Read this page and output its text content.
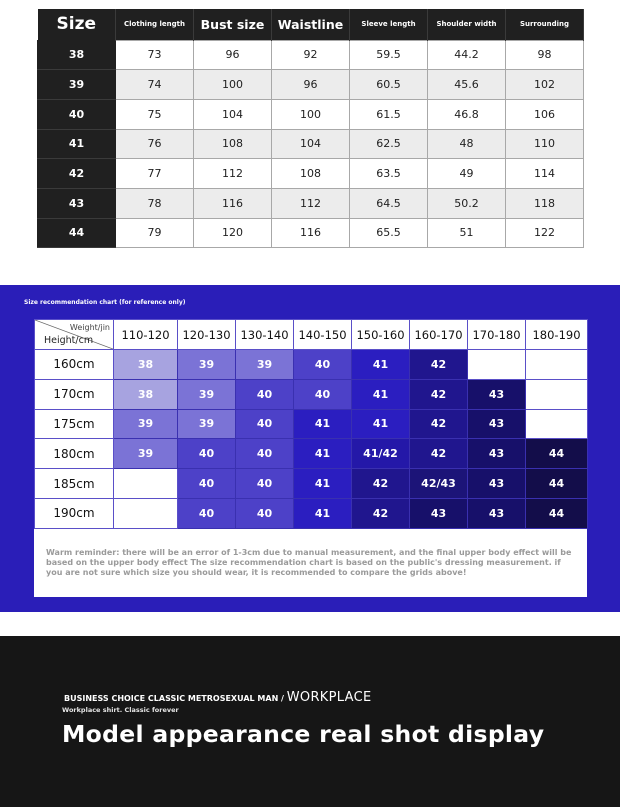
Size	Clothing length	Bust size	Waistline	Sleeve length	Shoulder width	Surrounding
38	73	96	92	59.5	44.2	98
39	74	100	96	60.5	45.6	102
40	75	104	100	61.5	46.8	106
41	76	108	104	62.5	48	110
42	77	112	108	63.5	49	114
43	78	116	112	64.5	50.2	118
44	79	120	116	65.5	51	122
Size recommendation chart (for reference only)
Weight/jin
Height/cm	110-120	120-130	130-140	140-150	150-160	160-170	170-180	180-190
160cm	38	39	39	40	41	42		
170cm	38	39	40	40	41	42	43	
175cm	39	39	40	41	41	42	43	
180cm	39	40	40	41	41/42	42	43	44
185cm		40	40	41	42	42/43	43	44
190cm		40	40	41	42	43	43	44

Warm reminder: there will be an error of 1-3cm due to manual measurement, and the final upper body effect will be based on the upper body effect The size recommendation chart is based on the public's dressing measurement. if you are not sure which size you should wear, it is recommended to compare the grids above!

BUSINESS CHOICE CLASSIC METROSEXUAL MAN / WORKPLACE
Workplace shirt. Classic forever
Model appearance real shot display
